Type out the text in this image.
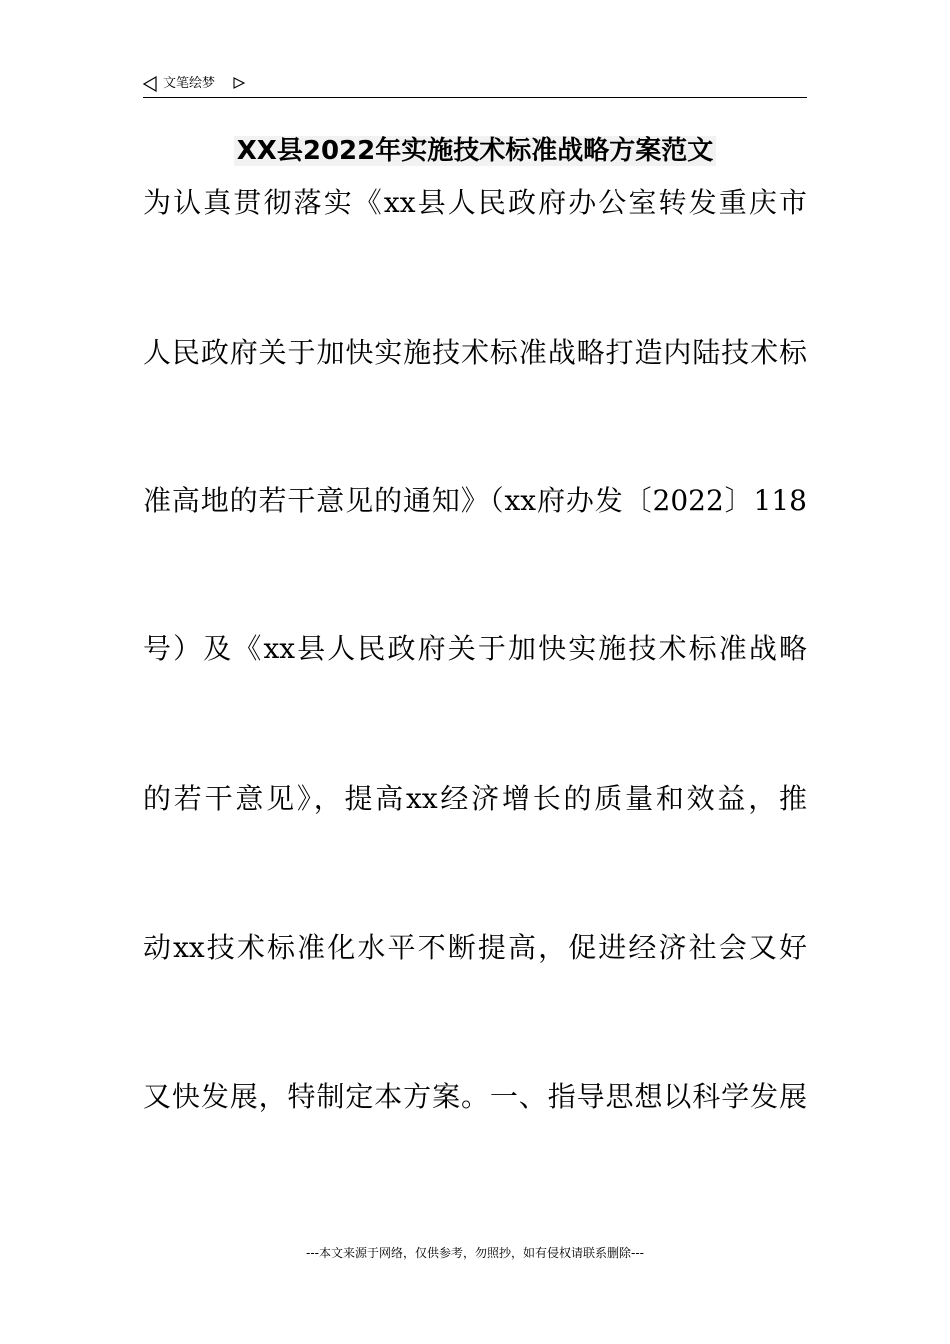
文笔绘梦
XX县2022年实施技术标准战略方案范文
为认真贯彻落实《xx县人民政府办公室转发重庆市
人民政府关于加快实施技术标准战略打造内陆技术标
准高地的若干意见的通知》（xx府办发〔2022〕118
号）及《xx县人民政府关于加快实施技术标准战略
的若干意见》，提高xx经济增长的质量和效益，推
动xx技术标准化水平不断提高，促进经济社会又好
又快发展，特制定本方案。一、指导思想以科学发展
---本文来源于网络，仅供参考，勿照抄，如有侵权请联系删除---
